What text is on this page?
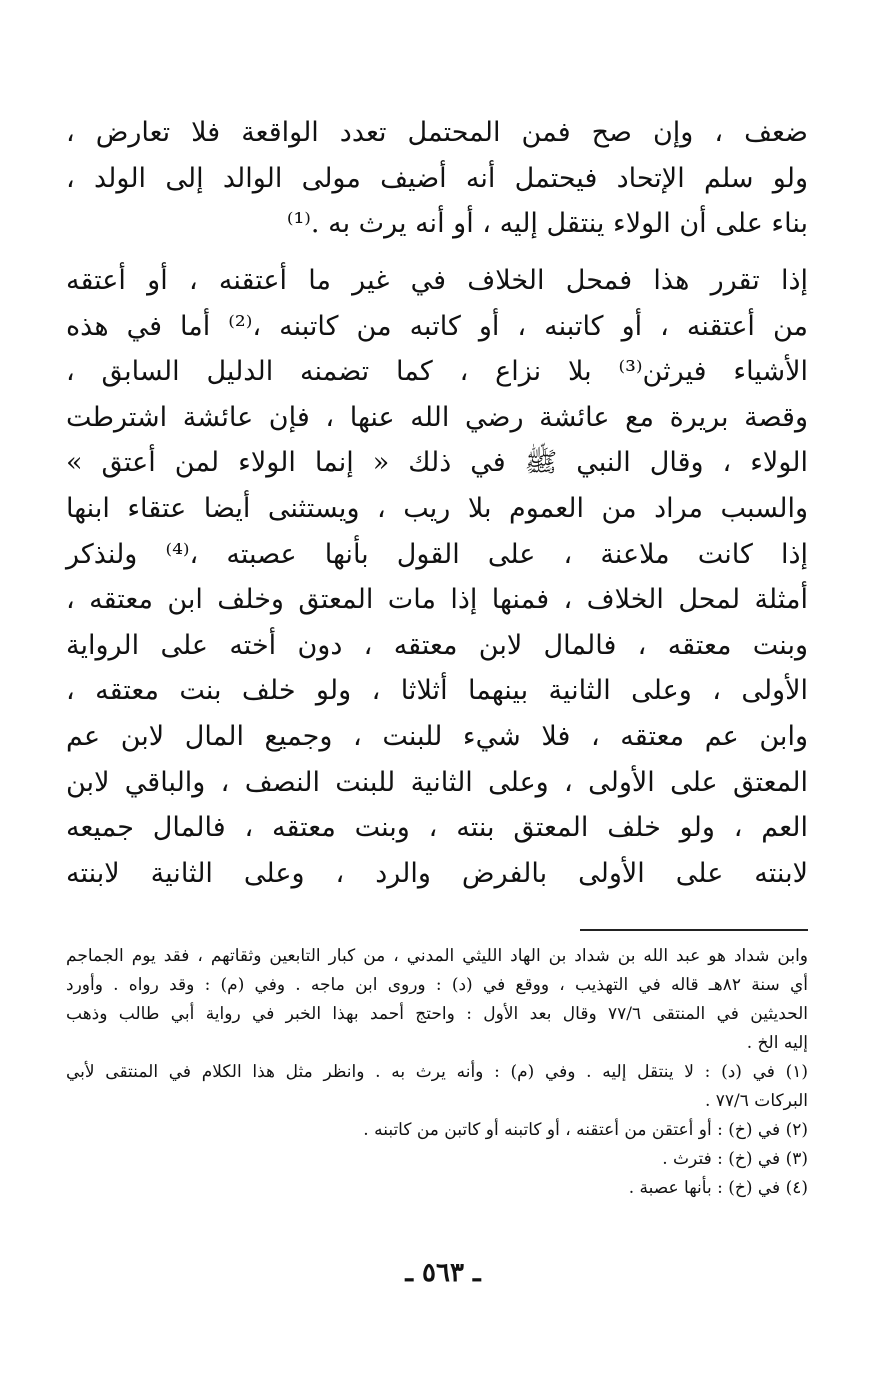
ضعف ، وإن صح فمن المحتمل تعدد الواقعة فلا تعارض ،
ولو سلم الإتحاد فيحتمل أنه أضيف مولى الوالد إلى الولد ،
بناء على أن الولاء ينتقل إليه ، أو أنه يرث به .⁽¹⁾
إذا تقرر هذا فمحل الخلاف في غير ما أعتقنه ، أو أعتقه
من أعتقنه ، أو كاتبنه ، أو كاتبه من كاتبنه ،⁽²⁾ أما في هذه
الأشياء فيرثن⁽³⁾ بلا نزاع ، كما تضمنه الدليل السابق ،
وقصة بريرة مع عائشة رضي الله عنها ، فإن عائشة اشترطت
الولاء ، وقال النبي ﷺ في ذلك « إنما الولاء لمن أعتق »
والسبب مراد من العموم بلا ريب ، ويستثنى أيضا عتقاء ابنها
إذا كانت ملاعنة ، على القول بأنها عصبته ،⁽⁴⁾ ولنذكر
أمثلة لمحل الخلاف ، فمنها إذا مات المعتق وخلف ابن معتقه ،
وبنت معتقه ، فالمال لابن معتقه ، دون أخته على الرواية
الأولى ، وعلى الثانية بينهما أثلاثا ، ولو خلف بنت معتقه ،
وابن عم معتقه ، فلا شيء للبنت ، وجميع المال لابن عم
المعتق على الأولى ، وعلى الثانية للبنت النصف ، والباقي لابن
العم ، ولو خلف المعتق بنته ، وبنت معتقه ، فالمال جميعه
لابنته على الأولى بالفرض والرد ، وعلى الثانية لابنته
وابن شداد هو عبد الله بن شداد بن الهاد الليثي المدني ، من كبار التابعين وثقاتهم ، فقد يوم الجماجم
أي سنة ٨٢هـ قاله في التهذيب ، ووقع في (د) : وروى ابن ماجه . وفي (م) : وقد رواه . وأورد
الحديثين في المنتقى ٧٧/٦ وقال بعد الأول : واحتج أحمد بهذا الخبر في رواية أبي طالب وذهب
إليه الخ .
(١) في (د) : لا ينتقل إليه . وفي (م) : وأنه يرث به . وانظر مثل هذا الكلام في المنتقى لأبي
البركات ٧٧/٦ .
(٢) في (خ) : أو أعتقن من أعتقنه ، أو كاتبنه أو كاتبن من كاتبنه .
(٣) في (خ) : فترث .
(٤) في (خ) : بأنها عصبة .
ـ ٥٦٣ ـ
